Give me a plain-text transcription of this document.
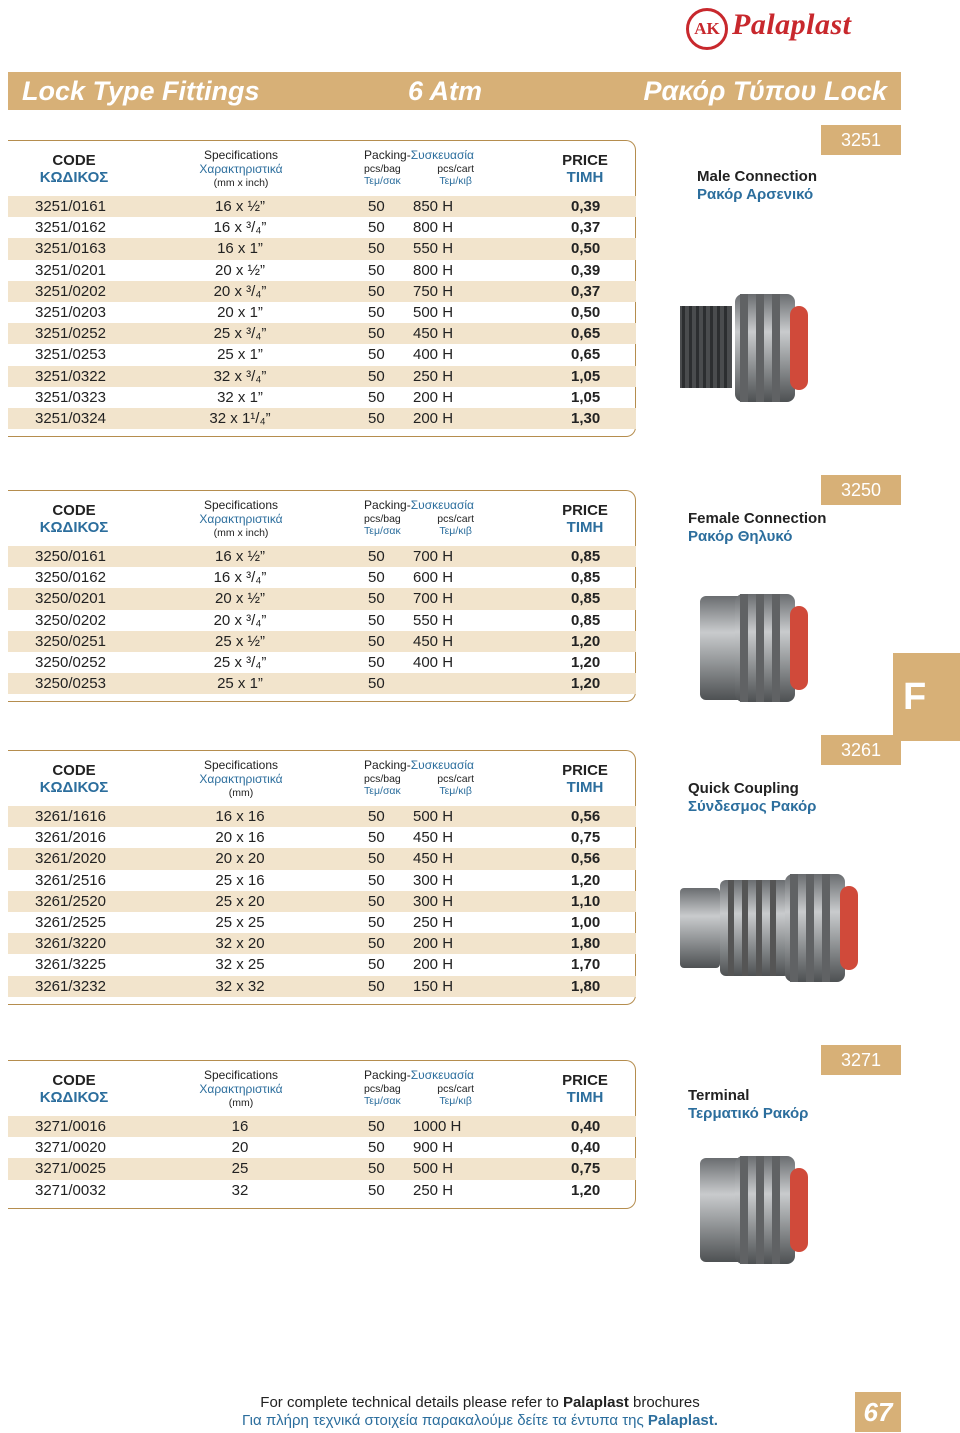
AK Palaplast
Lock Type Fittings	6 Atm	Ρακόρ Τύπου Lock
CODE
ΚΩΔΙΚΟΣ
Specifications
Χαρακτηριστικά
(mm x inch)
Packing-Συσκευασία
pcs/bag
Τεμ/σακ
pcs/cart
Τεμ/κιβ
PRICE
ΤΙΜΗ
3251/0161	16 x ½”	50 850 H	0,39
3251/0162	16 x ³/₄”	50 800 H	0,37
3251/0163	16 x 1”	50 550 H	0,50
3251/0201	20 x ½”	50 800 H	0,39
3251/0202	20 x ³/₄”	50 750 H	0,37
3251/0203	20 x 1”	50 500 H	0,50
3251/0252	25 x ³/₄”	50 450 H	0,65
3251/0253	25 x 1”	50 400 H	0,65
3251/0322	32 x ³/₄”	50 250 H	1,05
3251/0323	32 x 1”	50 200 H	1,05
3251/0324	32 x 1¹/₄”	50 200 H	1,30
CODE
ΚΩΔΙΚΟΣ
Specifications
Χαρακτηριστικά
(mm x inch)
Packing-Συσκευασία
pcs/bag
Τεμ/σακ
pcs/cart
Τεμ/κιβ
PRICE
ΤΙΜΗ
3250/0161	16 x ½”	50 700 H	0,85
3250/0162	16 x ³/₄”	50 600 H	0,85
3250/0201	20 x ½”	50 700 H	0,85
3250/0202	20 x ³/₄”	50 550 H	0,85
3250/0251	25 x ½”	50 450 H	1,20
3250/0252	25 x ³/₄”	50 400 H	1,20
3250/0253	25 x 1”	50	1,20
CODE
ΚΩΔΙΚΟΣ
Specifications
Χαρακτηριστικά
(mm)
Packing-Συσκευασία
pcs/bag
Τεμ/σακ
pcs/cart
Τεμ/κιβ
PRICE
ΤΙΜΗ
3261/1616	16 x 16	50 500 H	0,56
3261/2016	20 x 16	50 450 H	0,75
3261/2020	20 x 20	50 450 H	0,56
3261/2516	25 x 16	50 300 H	1,20
3261/2520	25 x 20	50 300 H	1,10
3261/2525	25 x 25	50 250 H	1,00
3261/3220	32 x 20	50 200 H	1,80
3261/3225	32 x 25	50 200 H	1,70
3261/3232	32 x 32	50 150 H	1,80
CODE
ΚΩΔΙΚΟΣ
Specifications
Χαρακτηριστικά
(mm)
Packing-Συσκευασία
pcs/bag
Τεμ/σακ
pcs/cart
Τεμ/κιβ
PRICE
ΤΙΜΗ
3271/0016	16	50 1000 H	0,40
3271/0020	20	50 900 H	0,40
3271/0025	25	50 500 H	0,75
3271/0032	32	50 250 H	1,20
F
For complete technical details please refer to Palaplast brochures
Για πλήρη τεχνικά στοιχεία παρακαλούμε δείτε τα έντυπα της Palaplast.	67
3251
Male Connection
Ρακόρ Αρσενικό
3250
Female Connection
Ρακόρ Θηλυκό
3261
Quick Coupling
Σύνδεσμος Ρακόρ
3271
Terminal
Τερματικό Ρακόρ
